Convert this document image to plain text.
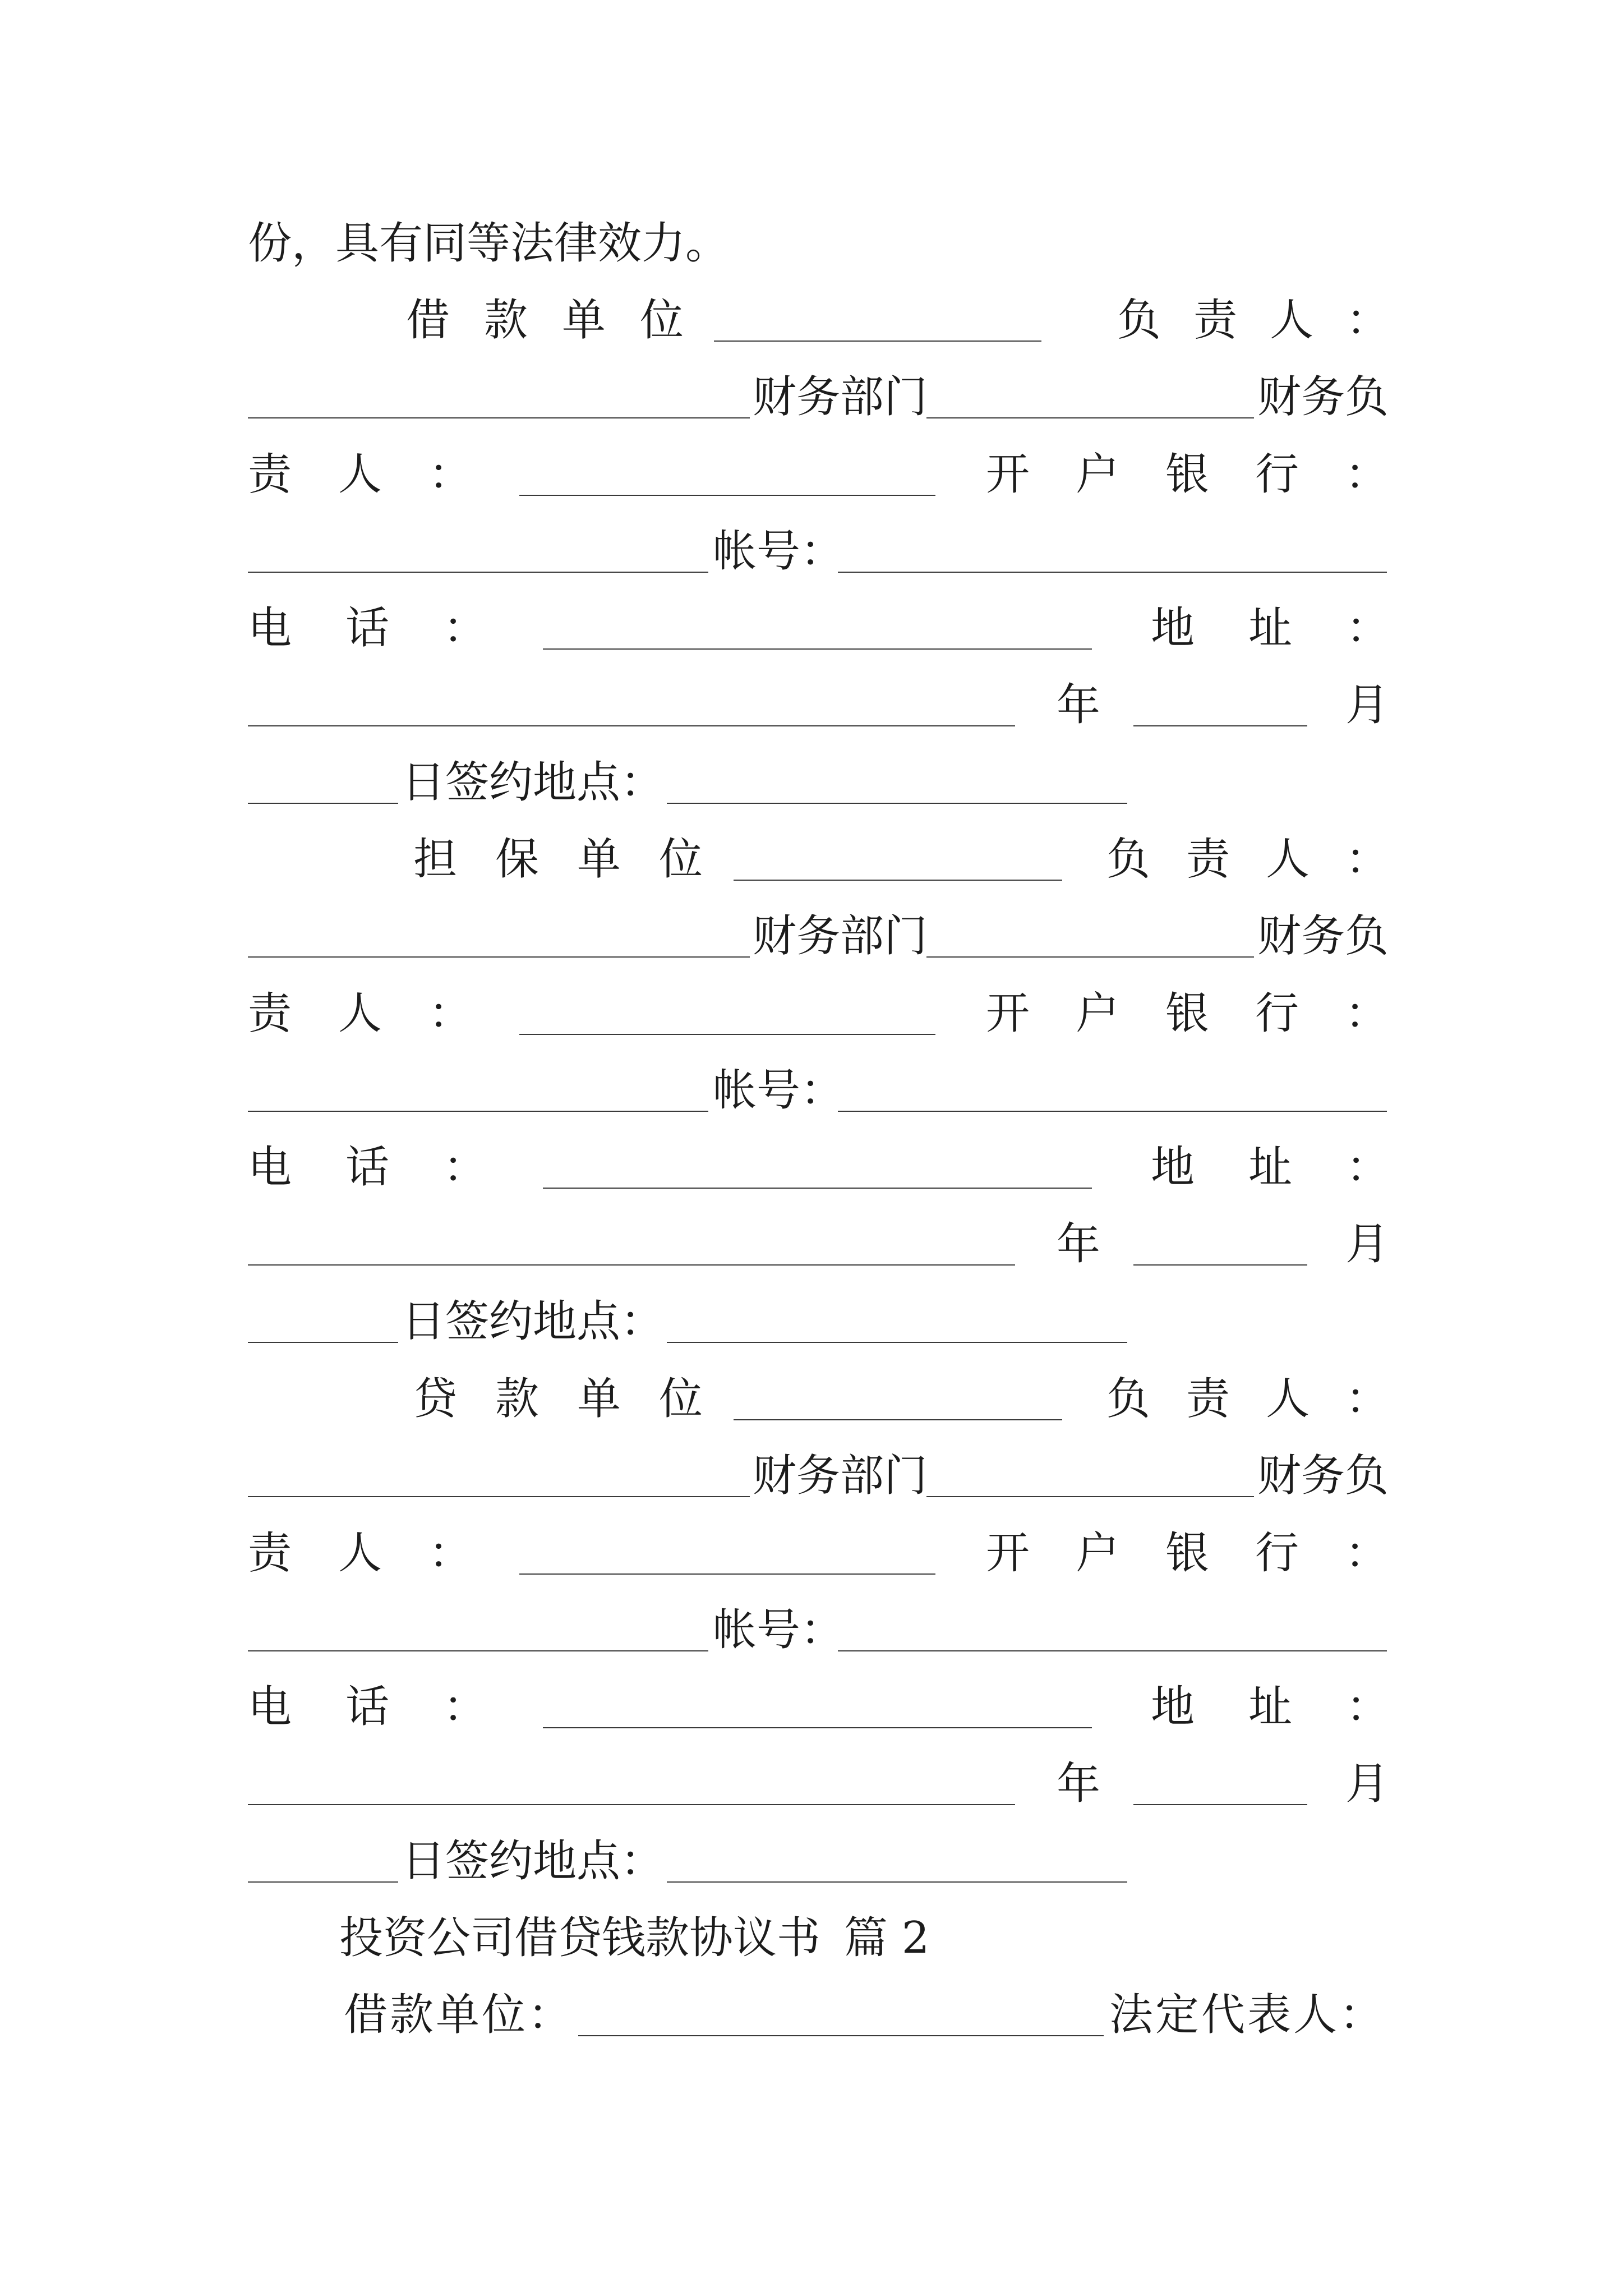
份，具有同等法律效力。
借款单位	负责人：
财务部门	财务负
责人：	开户银行：
帐号：
电话：	地址：
年	月
日签约地点：
担保单位	负责人：
财务部门	财务负
责人：	开户银行：
帐号：
电话：	地址：
年	月
日签约地点：
贷款单位	负责人：
财务部门	财务负
责人：	开户银行：
帐号：
电话：	地址：
年	月
日签约地点：
投资公司借贷钱款协议书 篇 2
借款单位：	法定代表人：
